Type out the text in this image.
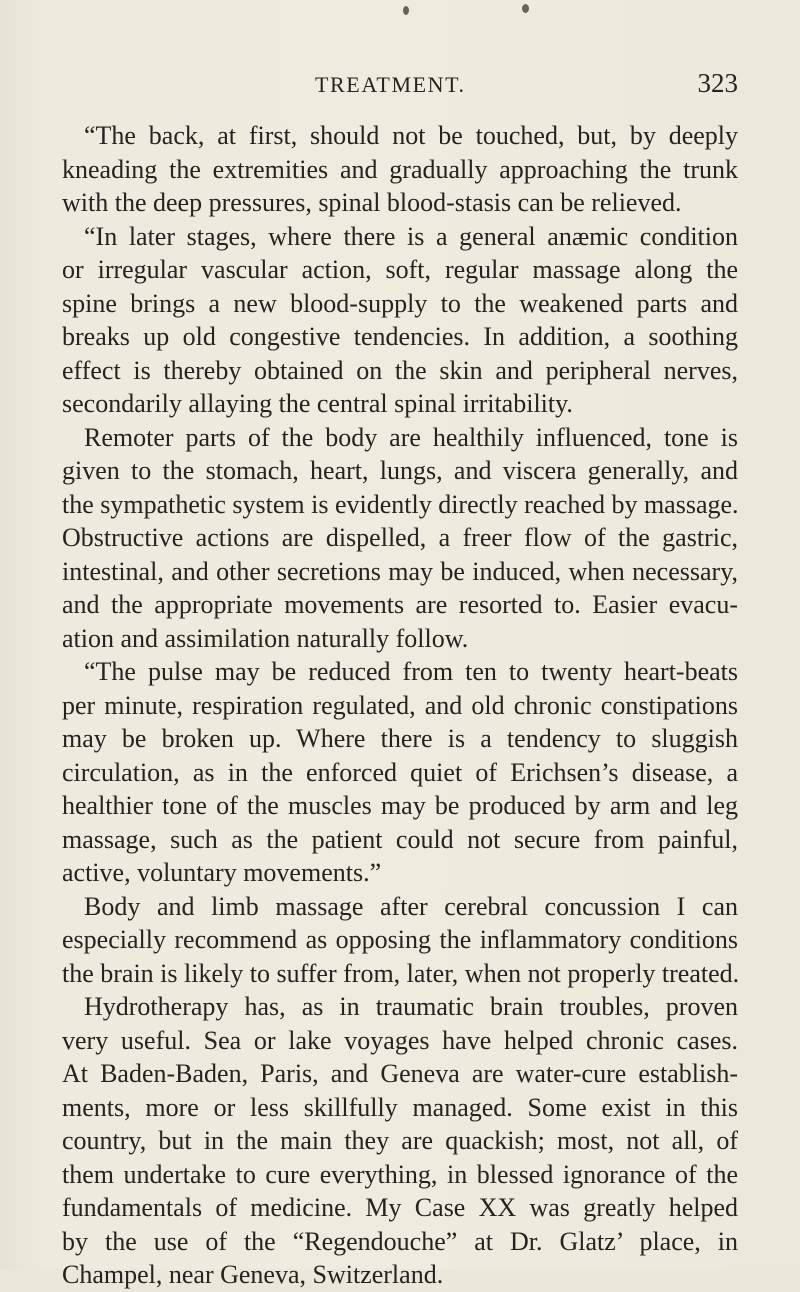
TREATMENT.	323
“The back, at first, should not be touched, but, by deeply
kneading the extremities and gradually approaching the trunk
with the deep pressures, spinal blood-stasis can be relieved.
“In later stages, where there is a general anæmic condition
or irregular vascular action, soft, regular massage along the
spine brings a new blood-supply to the weakened parts and
breaks up old congestive tendencies. In addition, a soothing
effect is thereby obtained on the skin and peripheral nerves,
secondarily allaying the central spinal irritability.
Remoter parts of the body are healthily influenced, tone is
given to the stomach, heart, lungs, and viscera generally, and
the sympathetic system is evidently directly reached by massage.
Obstructive actions are dispelled, a freer flow of the gastric,
intestinal, and other secretions may be induced, when necessary,
and the appropriate movements are resorted to. Easier evacu-
ation and assimilation naturally follow.
“The pulse may be reduced from ten to twenty heart-beats
per minute, respiration regulated, and old chronic constipations
may be broken up. Where there is a tendency to sluggish
circulation, as in the enforced quiet of Erichsen’s disease, a
healthier tone of the muscles may be produced by arm and leg
massage, such as the patient could not secure from painful,
active, voluntary movements.”
Body and limb massage after cerebral concussion I can
especially recommend as opposing the inflammatory conditions
the brain is likely to suffer from, later, when not properly treated.
Hydrotherapy has, as in traumatic brain troubles, proven
very useful. Sea or lake voyages have helped chronic cases.
At Baden-Baden, Paris, and Geneva are water-cure establish-
ments, more or less skillfully managed. Some exist in this
country, but in the main they are quackish; most, not all, of
them undertake to cure everything, in blessed ignorance of the
fundamentals of medicine. My Case XX was greatly helped
by the use of the “Regendouche” at Dr. Glatz’ place, in
Champel, near Geneva, Switzerland.
